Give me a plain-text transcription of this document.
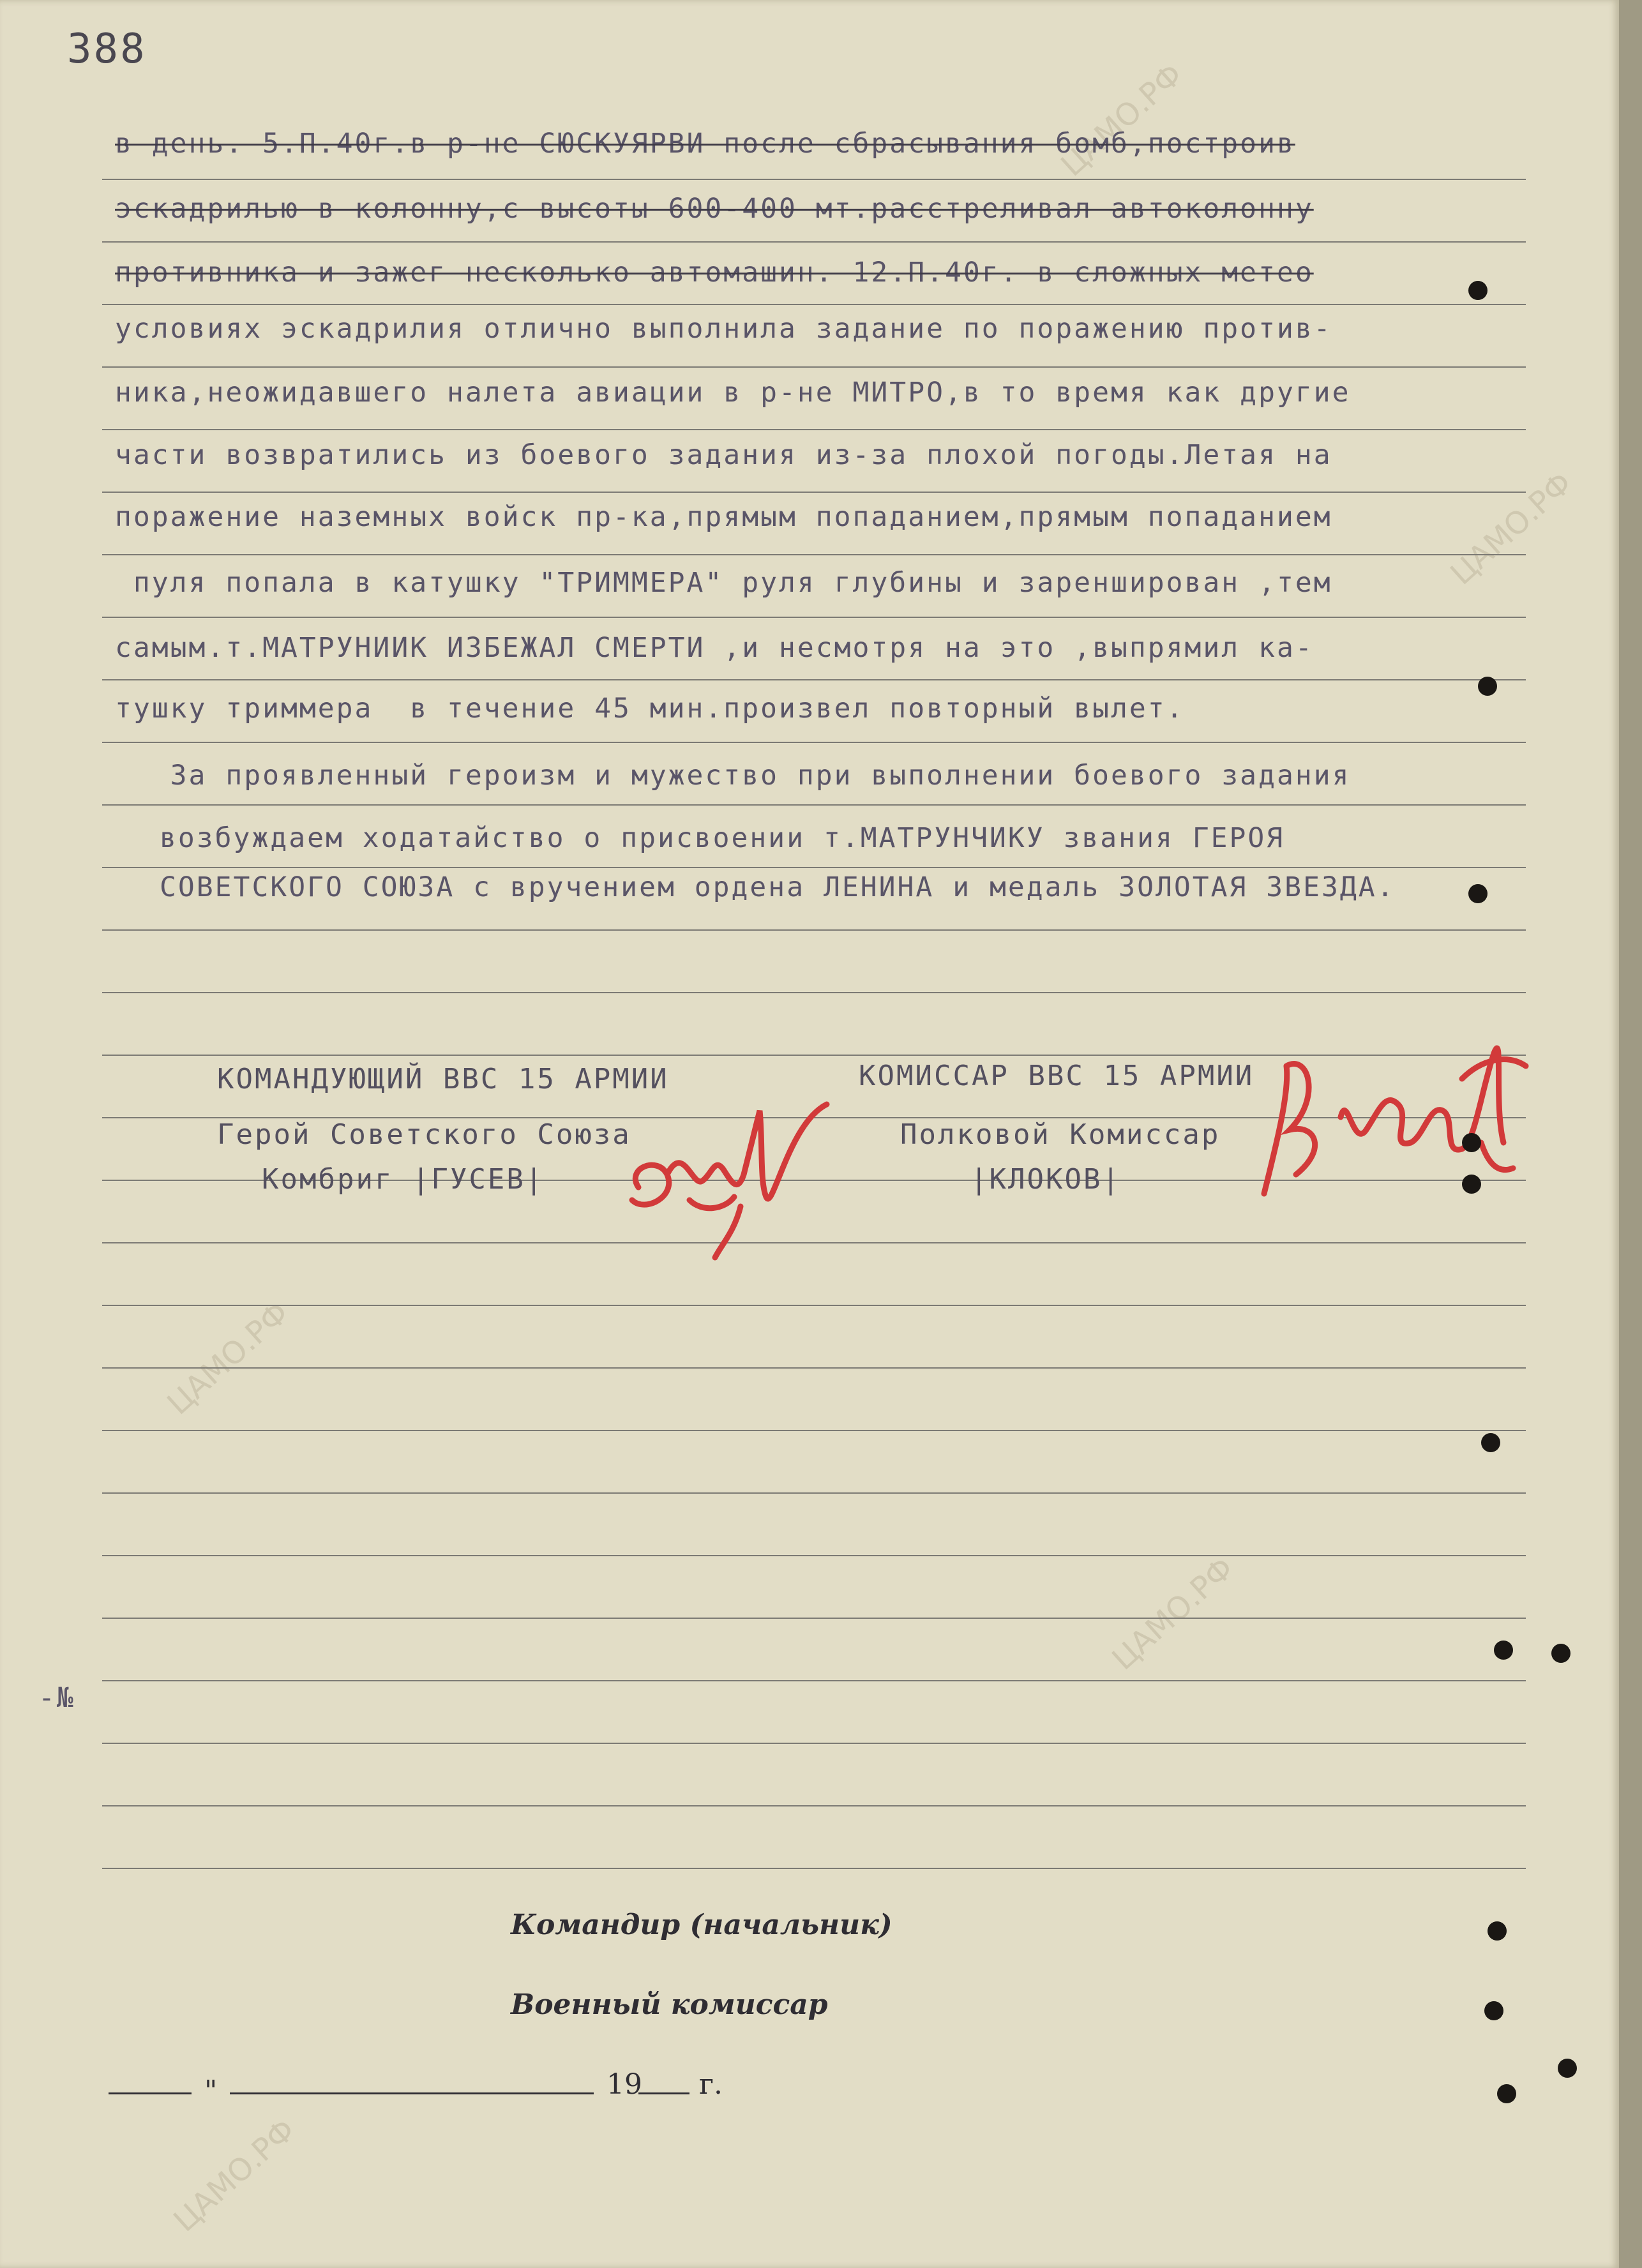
ЦАМО.РФ
ЦАМО.РФ
ЦАМО.РФ
ЦАМО.РФ
ЦАМО.РФ
388
в день. 5.П.40г.в р-не СЮСКУЯРВИ после сбрасывания бомб,построив
эскадрилью в колонну,с высоты 600-400 мт.расстреливал автоколонну
противника и зажег несколько автомашин. 12.П.40г. в сложных метео
условиях эскадрилия отлично выполнила задание по поражению против-
ника,неожидавшего налета авиации в р-не МИТРО,в то время как другие
части возвратились из боевого задания из-за плохой погоды.Летая на
поражение наземных войск пр-ка,прямым попаданием,прямым попаданием
пуля попала в катушку "ТРИММЕРА" руля глубины и заренширован ,тем
самым.т.МАТРУНИИК ИЗБЕЖАЛ СМЕРТИ ,и несмотря на это ,выпрямил ка-
тушку триммера  в течение 45 мин.произвел повторный вылет.
За проявленный героизм и мужество при выполнении боевого задания
возбуждаем ходатайство о присвоении т.МАТРУНЧИКУ звания ГЕРОЯ
СОВЕТСКОГО СОЮЗА с вручением ордена ЛЕНИНА и медаль ЗОЛОТАЯ ЗВЕЗДА.
КОМАНДУЮЩИЙ ВВС 15 АРМИИ
Герой Советского Союза
Комбриг |ГУСЕВ|
КОМИССАР ВВС 15 АРМИИ
Полковой Комиссар
|КЛОКОВ|
-№
Командир (начальник)
Военный комиссар
"	19 г.
